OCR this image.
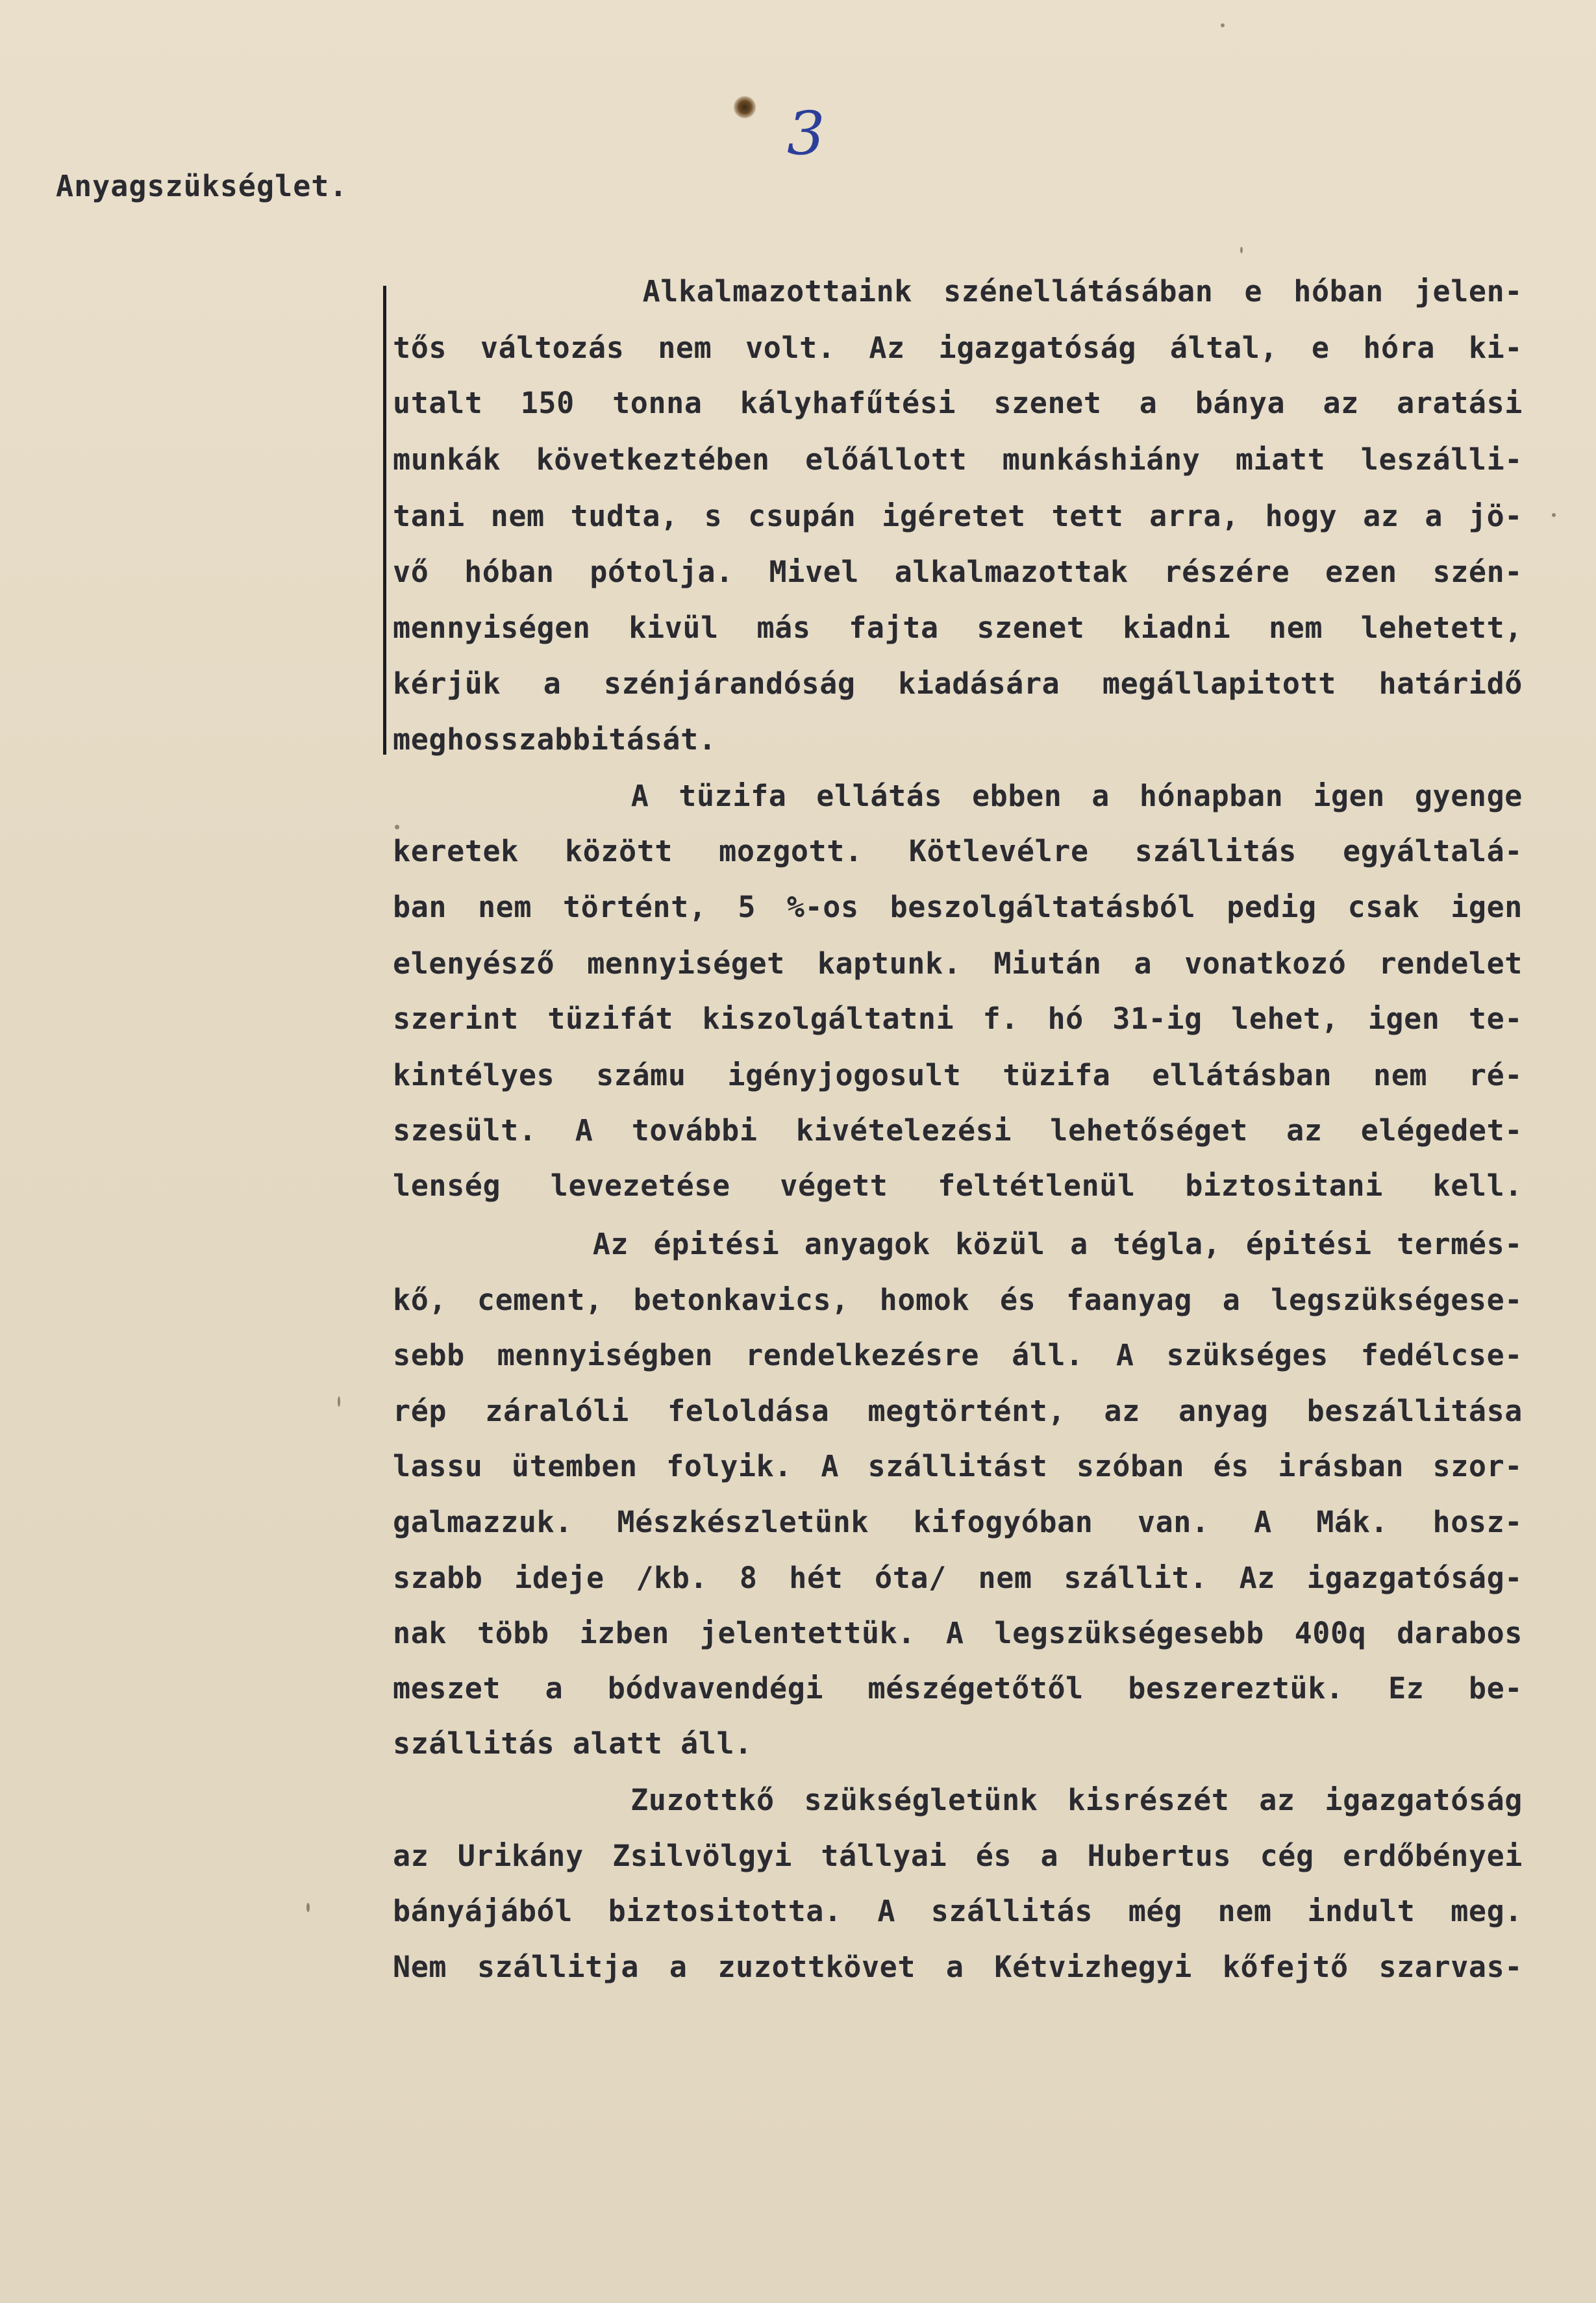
3
Anyagszükséglet.
Alkalmazottaink szénellátásában e hóban jelen-
tős változás nem volt. Az igazgatóság által, e hóra ki-
utalt 150 tonna kályhafűtési szenet a bánya az aratási
munkák következtében előállott munkáshiány miatt leszálli-
tani nem tudta, s csupán igéretet tett arra, hogy az a jö-
vő hóban pótolja. Mivel alkalmazottak részére ezen szén-
mennyiségen kivül más fajta szenet kiadni nem lehetett,
kérjük a szénjárandóság kiadására megállapitott határidő
meghosszabbitását.
A tüzifa ellátás ebben a hónapban igen gyenge
keretek között mozgott. Kötlevélre szállitás egyáltalá-
ban nem történt, 5 %-os beszolgáltatásból pedig csak igen
elenyésző mennyiséget kaptunk. Miután a vonatkozó rendelet
szerint tüzifát kiszolgáltatni f. hó 31-ig lehet, igen te-
kintélyes számu igényjogosult tüzifa ellátásban nem ré-
szesült. A további kivételezési lehetőséget az elégedet-
lenség levezetése végett feltétlenül biztositani kell.
Az épitési anyagok közül a tégla, épitési termés-
kő, cement, betonkavics, homok és faanyag a legszükségese-
sebb mennyiségben rendelkezésre áll. A szükséges fedélcse-
rép záralóli feloldása megtörtént, az anyag beszállitása
lassu ütemben folyik. A szállitást szóban és irásban szor-
galmazzuk. Mészkészletünk kifogyóban van. A Mák. hosz-
szabb ideje /kb. 8 hét óta/ nem szállit. Az igazgatóság-
nak több izben jelentettük. A legszükségesebb 400q darabos
meszet a bódvavendégi mészégetőtől beszereztük. Ez be-
szállitás alatt áll.
Zuzottkő szükségletünk kisrészét az igazgatóság
az Urikány Zsilvölgyi tállyai és a Hubertus cég erdőbényei
bányájából biztositotta. A szállitás még nem indult meg.
Nem szállitja a zuzottkövet a Kétvizhegyi kőfejtő szarvas-
